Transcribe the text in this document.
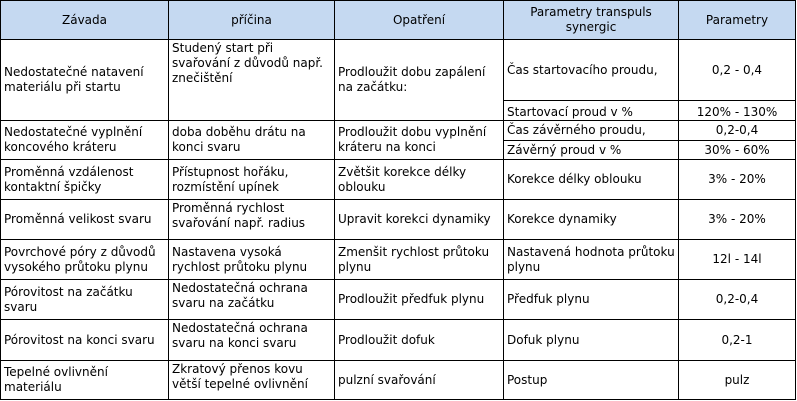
Závada	příčina	Opatření	Parametry transpuls synergic	Parametry
Nedostatečné natavení materiálu při startu	Studený start při svařování z důvodů např. znečištění	Prodloužit dobu zapálení na začátku:	Čas startovacího proudu,	0,2 - 0,4
			Startovací proud v %	120% - 130%
Nedostatečné vyplnění koncového kráteru	doba doběhu drátu na konci svaru	Prodloužit dobu vyplnění kráteru na konci	Čas závěrného proudu,	0,2-0,4
			Závěrný proud v %	30% - 60%
Proměnná vzdálenost kontaktní špičky	Přístupnost hořáku, rozmístění upínek	Zvětšit korekce délky oblouku	Korekce délky oblouku	3% - 20%
Proměnná velikost svaru	Proměnná rychlost svařování např. radius	Upravit korekci dynamiky	Korekce dynamiky	3% - 20%
Povrchové póry z důvodů vysokého průtoku plynu	Nastavena vysoká rychlost průtoku plynu	Zmenšit rychlost průtoku plynu	Nastavená hodnota průtoku plynu	12l - 14l
Pórovitost na začátku svaru	Nedostatečná ochrana svaru na začátku	Prodloužit předfuk plynu	Předfuk plynu	0,2-0,4
Pórovitost na konci svaru	Nedostatečná ochrana svaru na konci svaru	Prodloužit dofuk	Dofuk plynu	0,2-1
Tepelné ovlivnění materiálu	Zkratový přenos kovu větší tepelné ovlivnění	pulzní svařování	Postup	pulz
